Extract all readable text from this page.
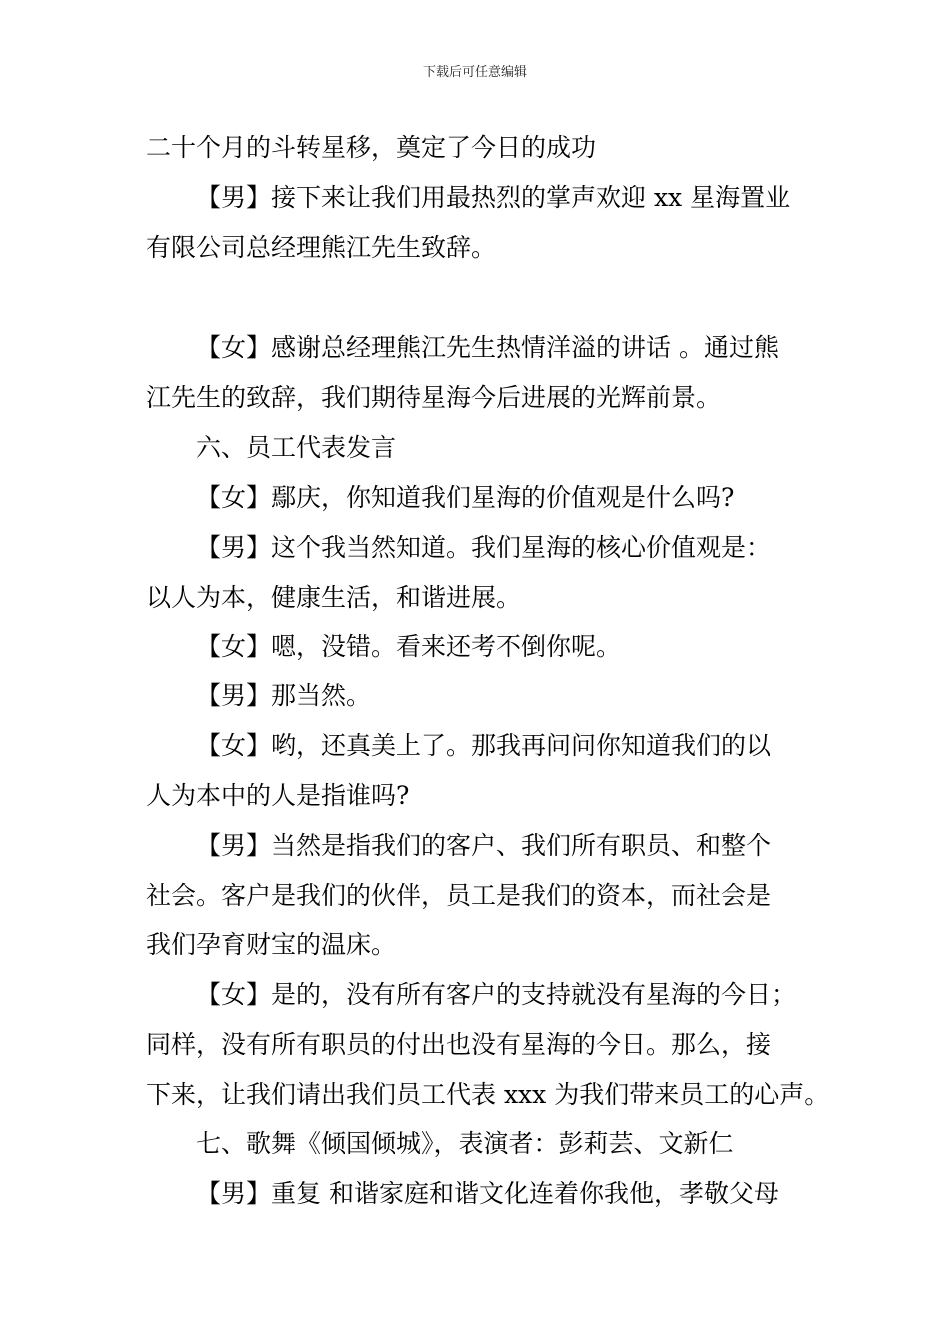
下载后可任意编辑
二十个月的斗转星移，奠定了今日的成功
【男】接下来让我们用最热烈的掌声欢迎 xx 星海置业
有限公司总经理熊江先生致辞。
【女】感谢总经理熊江先生热情洋溢的讲话 。通过熊
江先生的致辞，我们期待星海今后进展的光辉前景。
六、员工代表发言
【女】鄢庆，你知道我们星海的价值观是什么吗?
【男】这个我当然知道。我们星海的核心价值观是：
以人为本，健康生活，和谐进展。
【女】嗯，没错。看来还考不倒你呢。
【男】那当然。
【女】哟，还真美上了。那我再问问你知道我们的以
人为本中的人是指谁吗?
【男】当然是指我们的客户、我们所有职员、和整个
社会。客户是我们的伙伴，员工是我们的资本，而社会是
我们孕育财宝的温床。
【女】是的，没有所有客户的支持就没有星海的今日；
同样，没有所有职员的付出也没有星海的今日。那么，接
下来，让我们请出我们员工代表 xxx 为我们带来员工的心声。
七、歌舞《倾国倾城》，表演者：彭莉芸、文新仁
【男】重复 和谐家庭和谐文化连着你我他，孝敬父母
